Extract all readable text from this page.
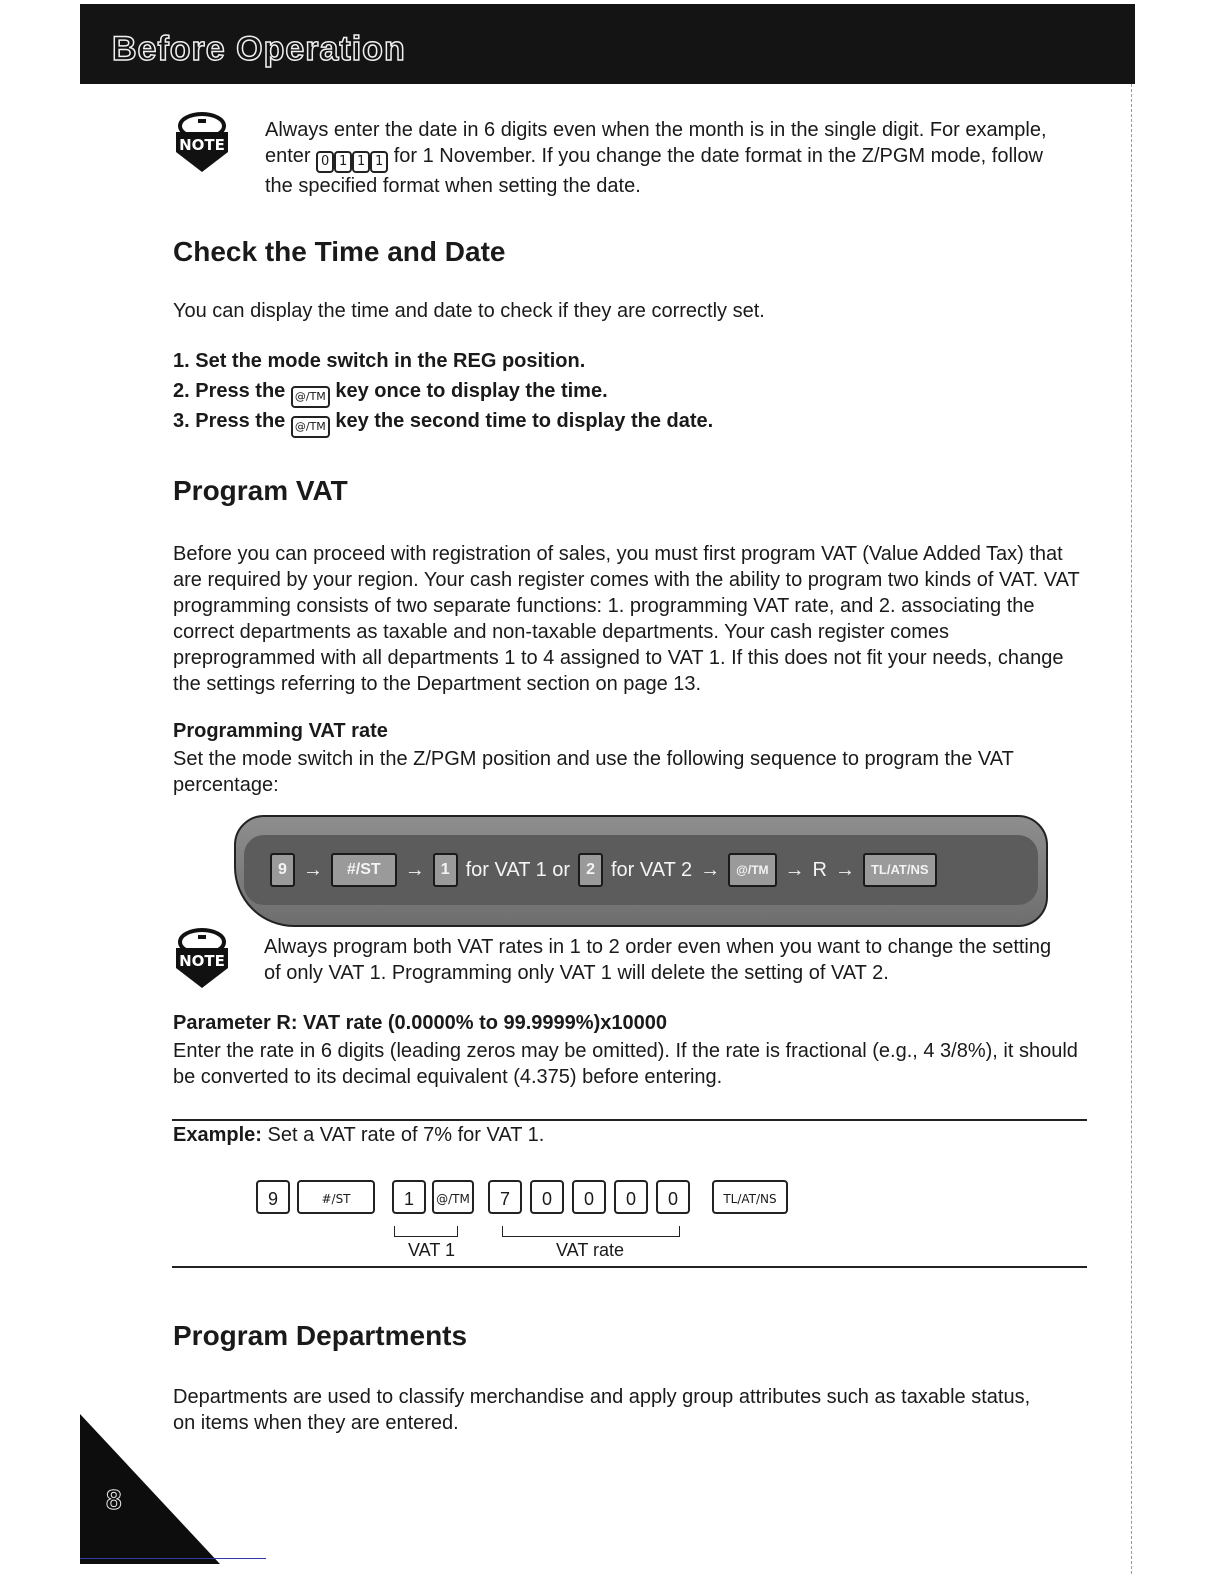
Before Operation
NOTE
Always enter the date in 6 digits even when the month is in the single digit. For example, enter 0 1 1 1 for 1 November. If you change the date format in the Z/PGM mode, follow the specified format when setting the date.
Check the Time and Date
You can display the time and date to check if they are correctly set.
1. Set the mode switch in the REG position.
2. Press the @/TM key once to display the time.
3. Press the @/TM key the second time to display the date.
Program VAT
Before you can proceed with registration of sales, you must first program VAT (Value Added Tax) that are required by your region. Your cash register comes with the ability to program two kinds of VAT. VAT programming consists of two separate functions: 1. programming VAT rate, and 2. associating the correct departments as taxable and non-taxable departments. Your cash register comes preprogrammed with all departments 1 to 4 assigned to VAT 1. If this does not fit your needs, change the settings referring to the Department section on page 13.
Programming VAT rate
Set the mode switch in the Z/PGM position and use the following sequence to program the VAT percentage:
9 →	#/ST	→	1 for VAT 1 or	2 for VAT 2 →	@/TM → R →	TL/AT/NS
NOTE
Always program both VAT rates in 1 to 2 order even when you want to change the setting of only VAT 1. Programming only VAT 1 will delete the setting of VAT 2.
Parameter R: VAT rate (0.0000% to 99.9999%)x10000
Enter the rate in 6 digits (leading zeros may be omitted). If the rate is fractional (e.g., 4 3/8%), it should be converted to its decimal equivalent (4.375) before entering.
Example: Set a VAT rate of 7% for VAT 1.
9	#/ST	1	@/TM	7	0	0	0	0	TL/AT/NS
VAT 1	VAT rate
Program Departments
Departments are used to classify merchandise and apply group attributes such as taxable status, on items when they are entered.
8
